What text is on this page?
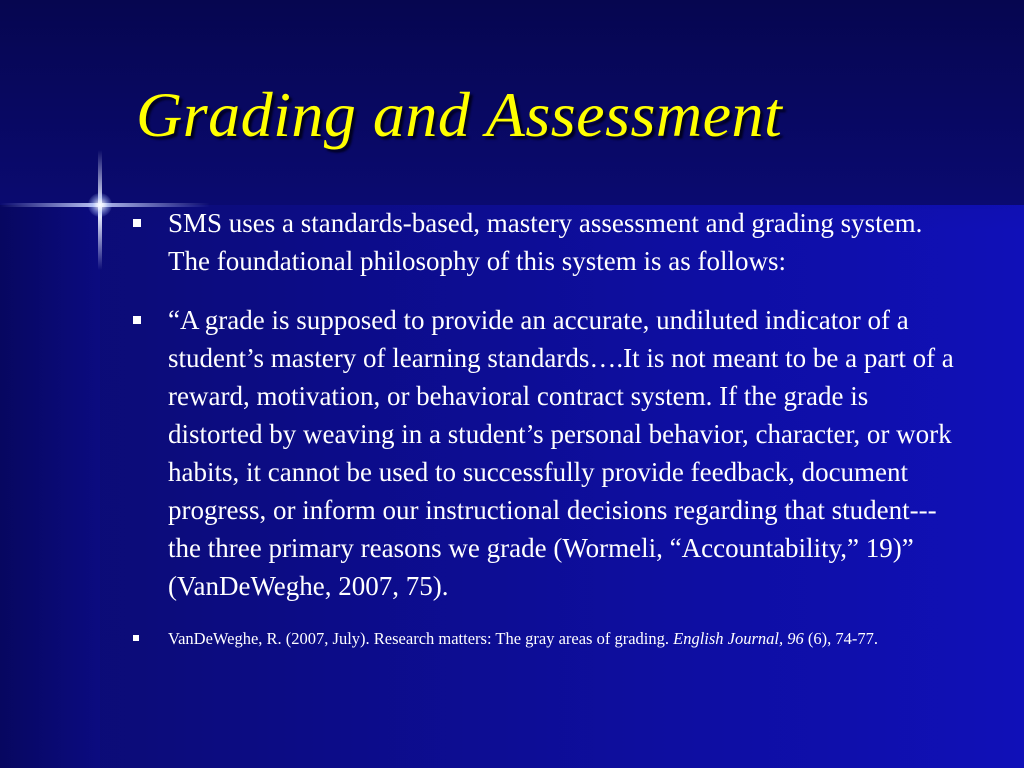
Grading and Assessment
SMS uses a standards-based, mastery assessment and grading system. The foundational philosophy of this system is as follows:
“A grade is supposed to provide an accurate, undiluted indicator of a student’s mastery of learning standards….It is not meant to be a part of a reward, motivation, or behavioral contract system. If the grade is distorted by weaving in a student’s personal behavior, character, or work habits, it cannot be used to successfully provide feedback, document progress, or inform our instructional decisions regarding that student---the three primary reasons we grade (Wormeli, “Accountability,” 19)” (VanDeWeghe, 2007, 75).
VanDeWeghe, R. (2007, July). Research matters: The gray areas of grading. English Journal, 96 (6), 74-77.
